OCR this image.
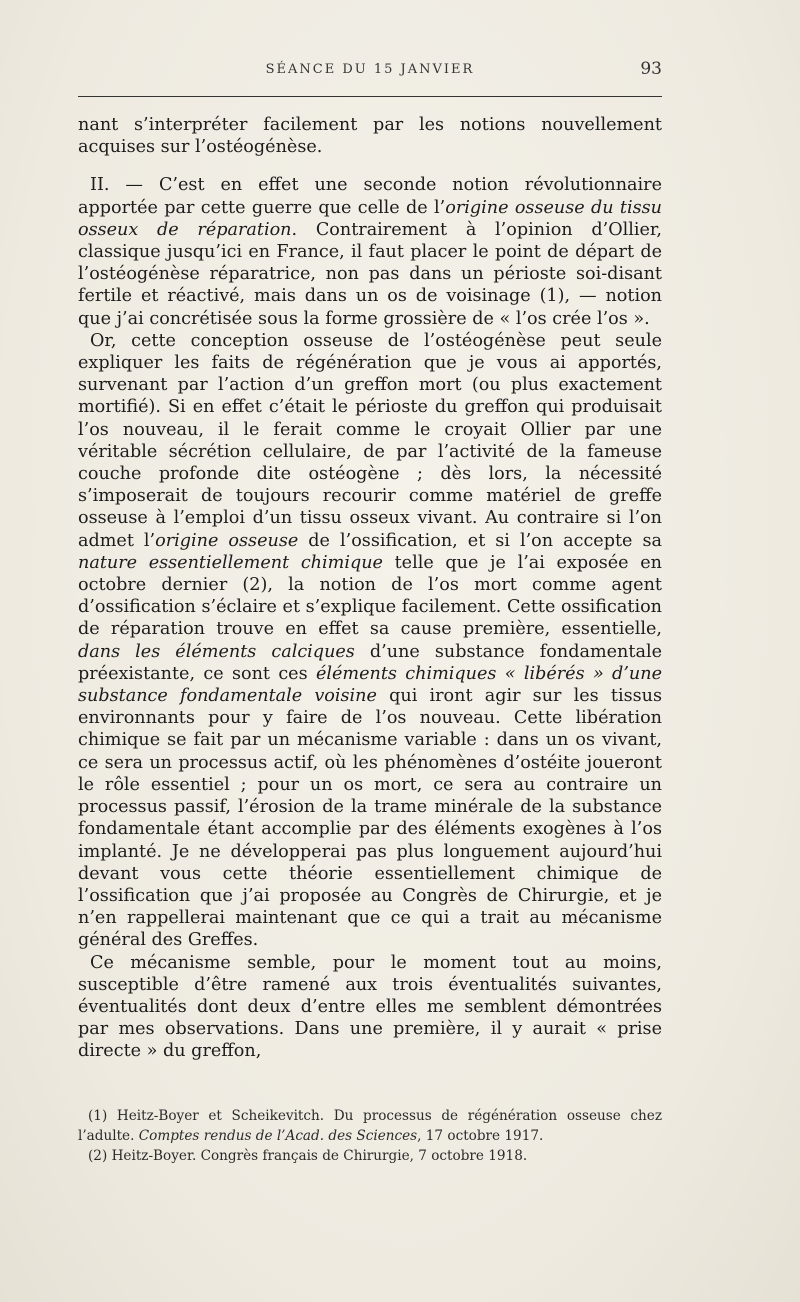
SÉANCE DU 15 JANVIER	93

nant s’interpréter facilement par les notions nouvellement acquises sur l’ostéogénèse.

II. — C’est en effet une seconde notion révolutionnaire apportée par cette guerre que celle de l’origine osseuse du tissu osseux de réparation. Contrairement à l’opinion d’Ollier, classique jusqu’ici en France, il faut placer le point de départ de l’ostéogénèse réparatrice, non pas dans un périoste soi-disant fertile et réactivé, mais dans un os de voisinage (1), — notion que j’ai concrétisée sous la forme grossière de « l’os crée l’os ».

Or, cette conception osseuse de l’ostéogénèse peut seule expliquer les faits de régénération que je vous ai apportés, survenant par l’action d’un greffon mort (ou plus exactement mortifié). Si en effet c’était le périoste du greffon qui produisait l’os nouveau, il le ferait comme le croyait Ollier par une véritable sécrétion cellulaire, de par l’activité de la fameuse couche profonde dite ostéogène ; dès lors, la nécessité s’imposerait de toujours recourir comme matériel de greffe osseuse à l’emploi d’un tissu osseux vivant. Au contraire si l’on admet l’origine osseuse de l’ossification, et si l’on accepte sa nature essentiellement chimique telle que je l’ai exposée en octobre dernier (2), la notion de l’os mort comme agent d’ossification s’éclaire et s’explique facilement. Cette ossification de réparation trouve en effet sa cause première, essentielle, dans les éléments calciques d’une substance fondamentale préexistante, ce sont ces éléments chimiques « libérés » d’une substance fondamentale voisine qui iront agir sur les tissus environnants pour y faire de l’os nouveau. Cette libération chimique se fait par un mécanisme variable : dans un os vivant, ce sera un processus actif, où les phénomènes d’ostéite joueront le rôle essentiel ; pour un os mort, ce sera au contraire un processus passif, l’érosion de la trame minérale de la substance fondamentale étant accomplie par des éléments exogènes à l’os implanté. Je ne développerai pas plus longuement aujourd’hui devant vous cette théorie essentiellement chimique de l’ossification que j’ai proposée au Congrès de Chirurgie, et je n’en rappellerai maintenant que ce qui a trait au mécanisme général des Greffes.

Ce mécanisme semble, pour le moment tout au moins, susceptible d’être ramené aux trois éventualités suivantes, éventualités dont deux d’entre elles me semblent démontrées par mes observations. Dans une première, il y aurait « prise directe » du greffon,

(1) Heitz-Boyer et Scheikevitch. Du processus de régénération osseuse chez l’adulte. Comptes rendus de l’Acad. des Sciences, 17 octobre 1917.

(2) Heitz-Boyer. Congrès français de Chirurgie, 7 octobre 1918.
